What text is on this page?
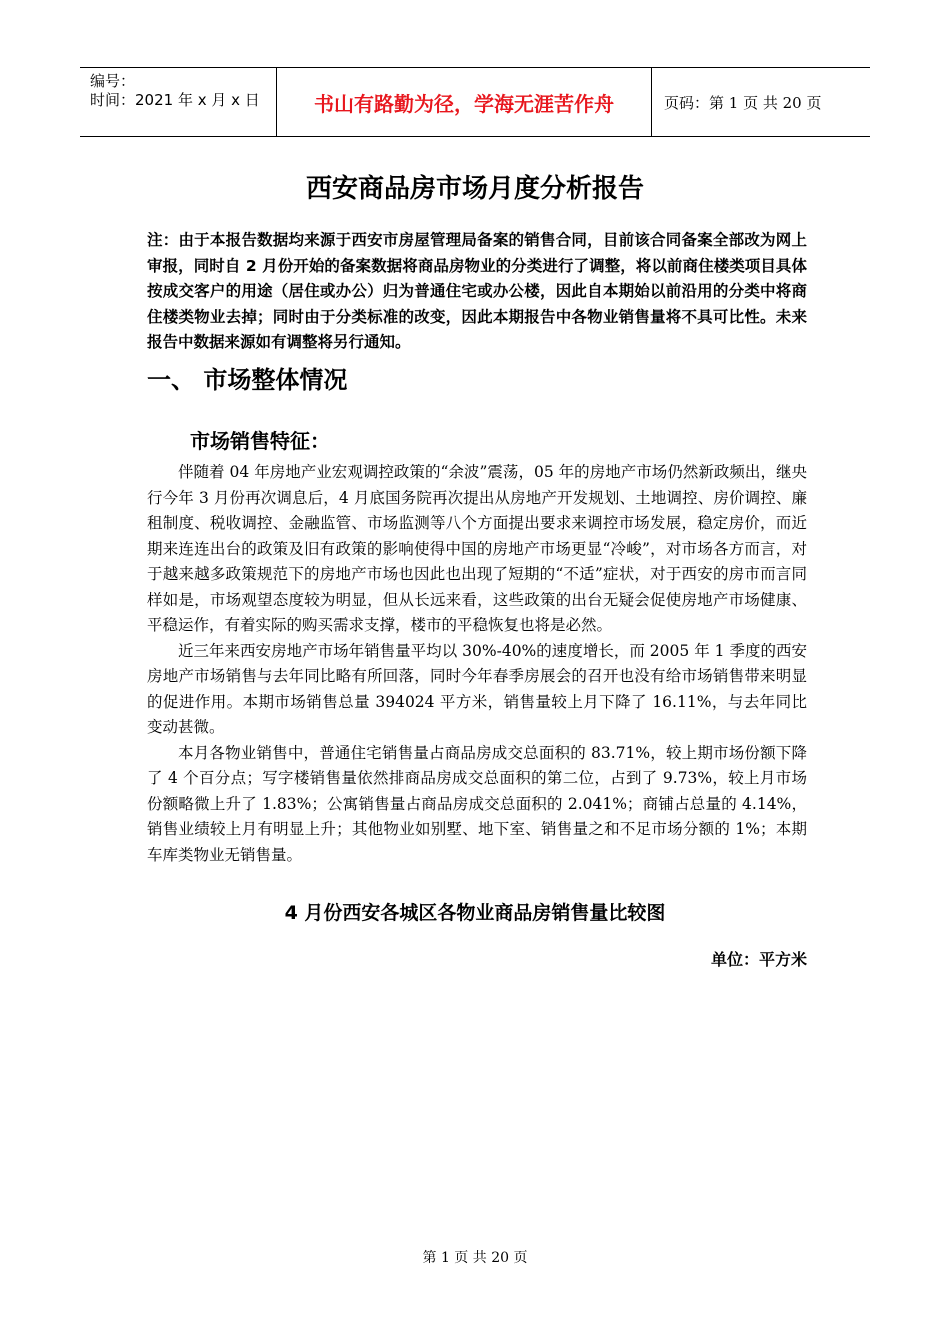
编号：
时间：2021 年 x 月 x 日	书山有路勤为径，学海无涯苦作舟	页码：第 1 页 共 20 页
西安商品房市场月度分析报告
注：由于本报告数据均来源于西安市房屋管理局备案的销售合同，目前该合同备案全部改为网上审报，同时自 2 月份开始的备案数据将商品房物业的分类进行了调整，将以前商住楼类项目具体按成交客户的用途（居住或办公）归为普通住宅或办公楼，因此自本期始以前沿用的分类中将商住楼类物业去掉；同时由于分类标准的改变，因此本期报告中各物业销售量将不具可比性。未来报告中数据来源如有调整将另行通知。
一、 市场整体情况
市场销售特征：

伴随着 04 年房地产业宏观调控政策的“余波”震荡，05 年的房地产市场仍然新政频出，继央行今年 3 月份再次调息后，4 月底国务院再次提出从房地产开发规划、土地调控、房价调控、廉租制度、税收调控、金融监管、市场监测等八个方面提出要求来调控市场发展，稳定房价，而近期来连连出台的政策及旧有政策的影响使得中国的房地产市场更显“冷峻”，对市场各方而言，对于越来越多政策规范下的房地产市场也因此也出现了短期的“不适”症状，对于西安的房市而言同样如是，市场观望态度较为明显，但从长远来看，这些政策的出台无疑会促使房地产市场健康、平稳运作，有着实际的购买需求支撑，楼市的平稳恢复也将是必然。

近三年来西安房地产市场年销售量平均以 30%-40%的速度增长，而 2005 年 1 季度的西安房地产市场销售与去年同比略有所回落，同时今年春季房展会的召开也没有给市场销售带来明显的促进作用。本期市场销售总量 394024 平方米，销售量较上月下降了 16.11%，与去年同比变动甚微。

本月各物业销售中，普通住宅销售量占商品房成交总面积的 83.71%，较上期市场份额下降了 4 个百分点；写字楼销售量依然排商品房成交总面积的第二位，占到了 9.73%，较上月市场份额略微上升了 1.83%；公寓销售量占商品房成交总面积的 2.041%；商铺占总量的 4.14%，销售业绩较上月有明显上升；其他物业如别墅、地下室、销售量之和不足市场分额的 1%；本期车库类物业无销售量。

4 月份西安各城区各物业商品房销售量比较图
单位：平方米
第 1 页 共 20 页
